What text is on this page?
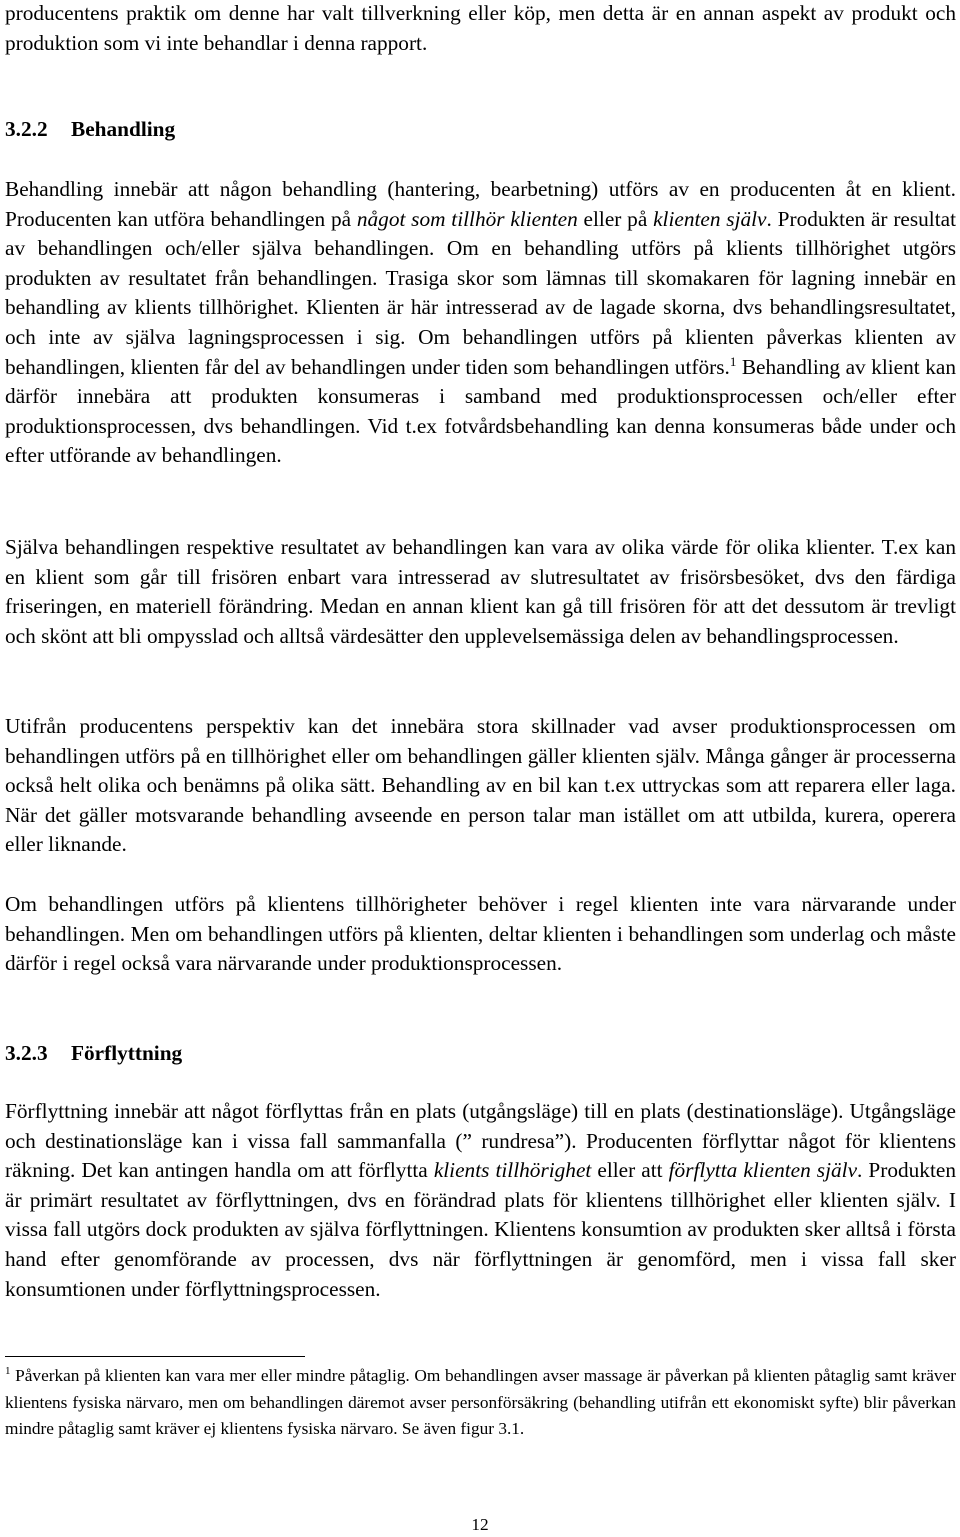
producentens praktik om denne har valt tillverkning eller köp, men detta är en annan aspekt av produkt och produktion som vi inte behandlar i denna rapport.

3.2.2 Behandling

Behandling innebär att någon behandling (hantering, bearbetning) utförs av en producenten åt en klient. Producenten kan utföra behandlingen på något som tillhör klienten eller på klienten själv. Produkten är resultat av behandlingen och/eller själva behandlingen. Om en behandling utförs på klients tillhörighet utgörs produkten av resultatet från behandlingen. Trasiga skor som lämnas till skomakaren för lagning innebär en behandling av klients tillhörighet. Klienten är här intresserad av de lagade skorna, dvs behandlingsresultatet, och inte av själva lagningsprocessen i sig. Om behandlingen utförs på klienten påverkas klienten av behandlingen, klienten får del av behandlingen under tiden som behandlingen utförs.$^1$ Behandling av klient kan därför innebära att produkten konsumeras i samband med produktionsprocessen och/eller efter produktionsprocessen, dvs behandlingen. Vid t.ex fotvårdsbehandling kan denna konsumeras både under och efter utförande av behandlingen.

Själva behandlingen respektive resultatet av behandlingen kan vara av olika värde för olika klienter. T.ex kan en klient som går till frisören enbart vara intresserad av slutresultatet av frisörsbesöket, dvs den färdiga friseringen, en materiell förändring. Medan en annan klient kan gå till frisören för att det dessutom är trevligt och skönt att bli ompysslad och alltså värdesätter den upplevelsemässiga delen av behandlingsprocessen.

Utifrån producentens perspektiv kan det innebära stora skillnader vad avser produktionsprocessen om behandlingen utförs på en tillhörighet eller om behandlingen gäller klienten själv. Många gånger är processerna också helt olika och benämns på olika sätt. Behandling av en bil kan t.ex uttryckas som att reparera eller laga. När det gäller motsvarande behandling avseende en person talar man istället om att utbilda, kurera, operera eller liknande.

Om behandlingen utförs på klientens tillhörigheter behöver i regel klienten inte vara närvarande under behandlingen. Men om behandlingen utförs på klienten, deltar klienten i behandlingen som underlag och måste därför i regel också vara närvarande under produktionsprocessen.

3.2.3 Förflyttning

Förflyttning innebär att något förflyttas från en plats (utgångsläge) till en plats (destinationsläge). Utgångsläge och destinationsläge kan i vissa fall sammanfalla (” rundresa”). Producenten förflyttar något för klientens räkning. Det kan antingen handla om att förflytta klients tillhörighet eller att förflytta klienten själv. Produkten är primärt resultatet av förflyttningen, dvs en förändrad plats för klientens tillhörighet eller klienten själv. I vissa fall utgörs dock produkten av själva förflyttningen. Klientens konsumtion av produkten sker alltså i första hand efter genomförande av processen, dvs när förflyttningen är genomförd, men i vissa fall sker konsumtionen under förflyttningsprocessen.

$^1$ Påverkan på klienten kan vara mer eller mindre påtaglig. Om behandlingen avser massage är påverkan på klienten påtaglig samt kräver klientens fysiska närvaro, men om behandlingen däremot avser personförsäkring (behandling utifrån ett ekonomiskt syfte) blir påverkan mindre påtaglig samt kräver ej klientens fysiska närvaro. Se även figur 3.1.

12
